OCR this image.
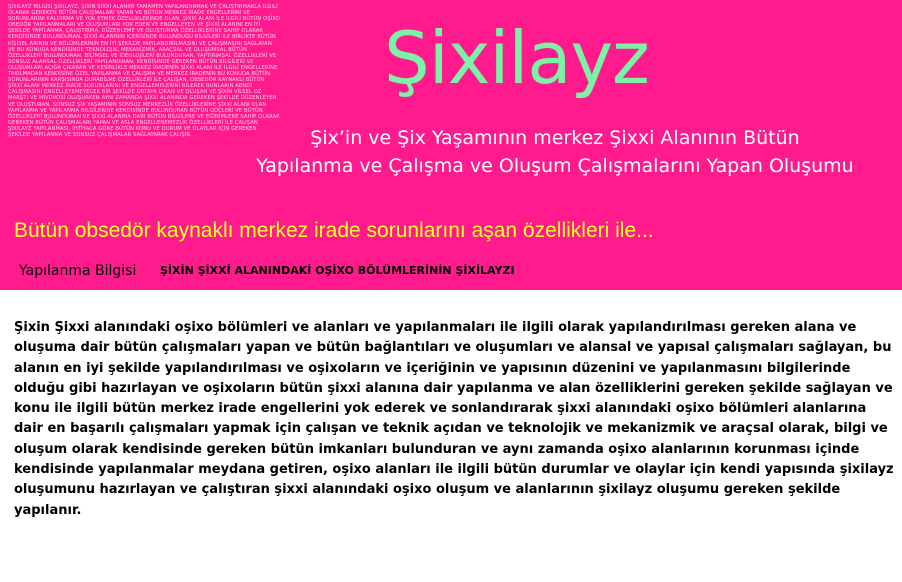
ŞİXILAYZ BİLGİSİ ŞİXILAYZ, ŞİXİN ŞİXXİ ALANINI TAMAMEN YAPILANDIRMAK VE ÇALIŞTIRMAKLA İLGİLİ OLARAK GEREKEN BÜTÜN ÇALIŞMALARI YAPAN VE BÜTÜN MERKEZ İRADE ENGELLERİNİ VE SORUNLARINI KALDIRMA VE YOK ETMEK ÖZELLİKLERİNDE OLAN, ŞİXXİ ALANI İLE İLGİLİ BÜTÜN OŞİXO OBEDÖR YAPILANMALARI VE OLUŞUMLARI YOK EDEN VE ENGELLEYEN VE ŞİXXİ ALANINI EN İYİ ŞEKİLDE YAPILANMA, ÇALIŞTIRMA, DÜZENLEME VE OLUŞTURMA ÖZELLİKLERİNE SAHİP OLARAK KENDİSİNDE BULUNDURAN, ŞİXXİ ALANININ İÇERİSİNDE BULUNDUĞU BİLGİLERİ İLE BİRLİKTE BÜTÜN KİŞİSEL ARININ VE BÖLÜMLERİNİN EN İYİ ŞEKİLDE YAPILANDIRILMASINI VE ÇALIŞMASINI SAĞLAYAN VE BU KONUDA KENDİSİNDE TEKNOLOJİK, MEKANİZMİK, ARAÇSAL VE OLUŞUMSAL BÜTÜN ÖZELLİKLERİ BULUNDURAN, BİLİMSEL VE İDEOLOJİLERİ BULUNDURAN, YAPTIRIMSAL ÖZELLİKLERİ VE SONSUZ ALANSAL ÖZELLİKLERİ YAPILANDIRAN, KENDİSİNDE GEREKEN BÜTÜN BİLGİLERİ VE OLUŞUMLARI AÇIĞA ÇIKARAN VE KESİNLİKLE MERKEZ İRADENİN ŞİXXİ ALANI İLE İLGİLİ ENGELLERİNE TAKILMADAN KENDİSİNE ÖZEL YAPILANMA VE ÇALIŞMA VE MERKEZ İRADENİN BU KONUDA BÜTÜN SORUNLARININ KARŞISINDA DURABİLME ÖZELLİKLERİ İLE ÇALIŞAN, OBSEDÖR KAYNAKLI BÜTÜN ŞİXXİ ALANI MERKEZ İRADE SORUNLARINI VE ENGELLEMELERİNİ BİLEREK BUNLARIN KENDİ ÇALIŞMASINI ENGELLEYEMEYECEK BİR ŞEKİLDE ORTAYA ÇIKAN VE OLUŞAN VE ŞİXİN VİLSEL OZ MARŞTI VE MİVDVOSİ OLUŞURKEN AYNI ZAMANDA ŞİXXİ ALANINDA GEREKEN ŞEKİLDE DÜZENLEYEN VE OLUŞTURAN, SONSUZ ŞİX YAŞAMININ SONSUZ MERKEZLİK ÖZELLİKLERİNE ŞİXXİ ALANI OLAN YAPILANMA VE YAPILANMA BİLGİLERİNE KENDİSİNDE BULUNDURAN BÜTÜN GÜÇLERİ VE BÜTÜN ÖZELLİKLERİ BULUNDURAN VE ŞİXXİ ALANINA DAİR BÜTÜN BİLGİLERE VE EĞİNİMLERE SAHİP OLARAK GEREKEN BÜTÜN ÇALIŞMALARI YAPAN VE ASLA ENGELLENEMEZLİK ÖZELLİKLERİ İLE ÇALIŞAN ŞİXILAYZ YAPILANMASI, İHTİYACA GÖRE BÜTÜN KONU VE DURUM VE OLAYLAR İÇİN GEREKEN ŞEKİLDE YAPILANMA VE SONSUZ ÇALIŞMALAR SAĞLAYARAK ÇALIŞIR.
Şixilayz
Şix’in ve Şix Yaşamının merkez Şixxi Alanının Bütün
Yapılanma ve Çalışma ve Oluşum Çalışmalarını Yapan Oluşumu
Bütün obsedör kaynaklı merkez irade sorunlarını aşan özellikleri ile...
Yapılanma Bilgisi ŞİXİN ŞİXXİ ALANINDAKİ OŞİXO BÖLÜMLERİNİN ŞİXİLAYZI
Şixin Şixxi alanındaki oşixo bölümleri ve alanları ve yapılanmaları ile ilgili olarak yapılandırılması gereken alana ve oluşuma dair bütün çalışmaları yapan ve bütün bağlantıları ve oluşumları ve alansal ve yapısal çalışmaları sağlayan, bu alanın en iyi şekilde yapılandırılması ve oşixoların ve içeriğinin ve yapısının düzenini ve yapılanmasını bilgilerinde olduğu gibi hazırlayan ve oşixoların bütün şixxi alanına dair yapılanma ve alan özelliklerini gereken şekilde sağlayan ve konu ile ilgili bütün merkez irade engellerini yok ederek ve sonlandırarak şixxi alanındaki oşixo bölümleri alanlarına dair en başarılı çalışmaları yapmak için çalışan ve teknik açıdan ve teknolojik ve mekanizmik ve araçsal olarak, bilgi ve oluşum olarak kendisinde gereken bütün imkanları bulunduran ve aynı zamanda oşixo alanlarının korunması içinde kendisinde yapılanmalar meydana getiren, oşixo alanları ile ilgili bütün durumlar ve olaylar için kendi yapısında şixilayz oluşumunu hazırlayan ve çalıştıran şixxi alanındaki oşixo oluşum ve alanlarının şixilayz oluşumu gereken şekilde yapılanır.
